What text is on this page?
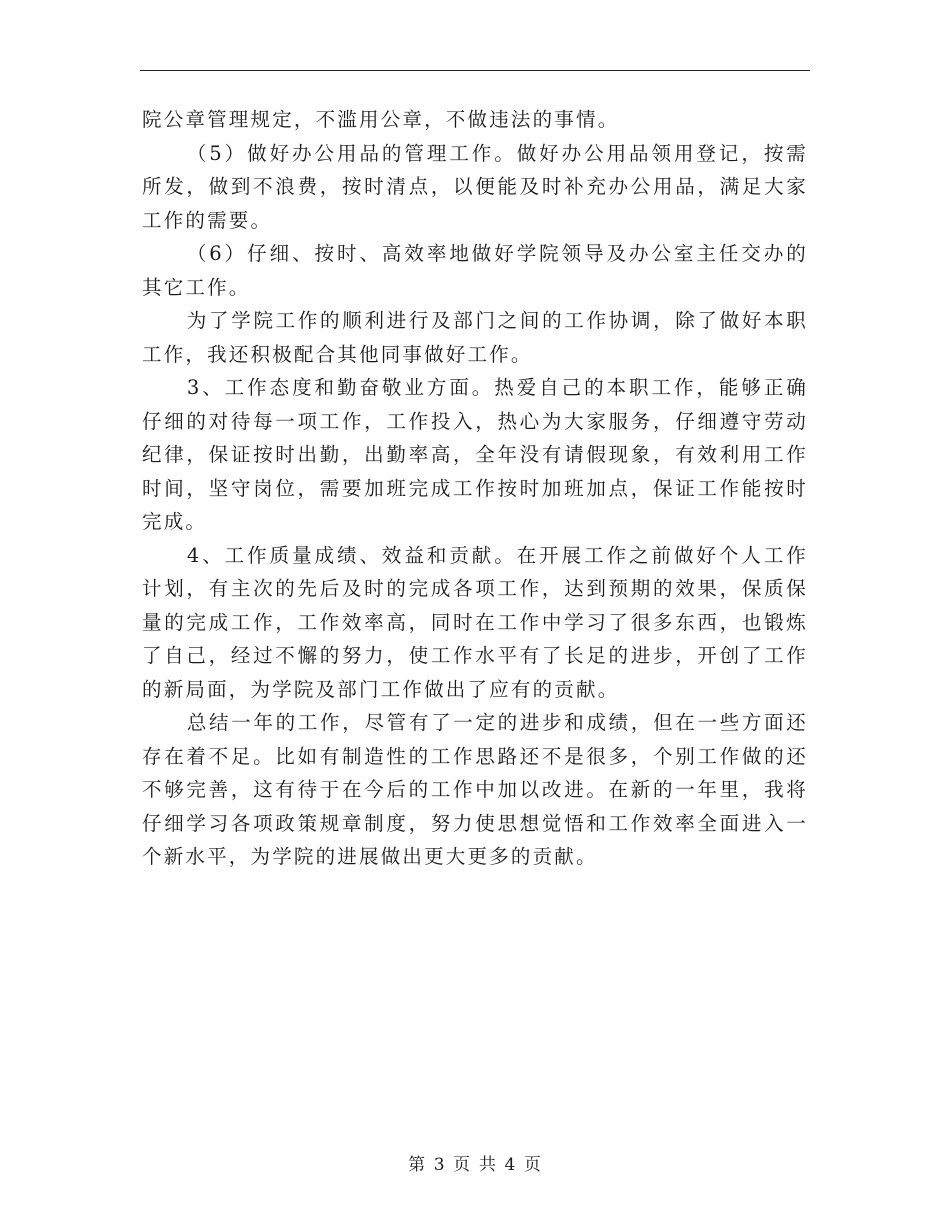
院公章管理规定，不滥用公章，不做违法的事情。

（5）做好办公用品的管理工作。做好办公用品领用登记，按需所发，做到不浪费，按时清点，以便能及时补充办公用品，满足大家工作的需要。

（6）仔细、按时、高效率地做好学院领导及办公室主任交办的其它工作。

为了学院工作的顺利进行及部门之间的工作协调，除了做好本职工作，我还积极配合其他同事做好工作。

3、工作态度和勤奋敬业方面。热爱自己的本职工作，能够正确仔细的对待每一项工作，工作投入，热心为大家服务，仔细遵守劳动纪律，保证按时出勤，出勤率高，全年没有请假现象，有效利用工作时间，坚守岗位，需要加班完成工作按时加班加点，保证工作能按时完成。

4、工作质量成绩、效益和贡献。在开展工作之前做好个人工作计划，有主次的先后及时的完成各项工作，达到预期的效果，保质保量的完成工作，工作效率高，同时在工作中学习了很多东西，也锻炼了自己，经过不懈的努力，使工作水平有了长足的进步，开创了工作的新局面，为学院及部门工作做出了应有的贡献。

总结一年的工作，尽管有了一定的进步和成绩，但在一些方面还存在着不足。比如有制造性的工作思路还不是很多，个别工作做的还不够完善，这有待于在今后的工作中加以改进。在新的一年里，我将仔细学习各项政策规章制度，努力使思想觉悟和工作效率全面进入一个新水平，为学院的进展做出更大更多的贡献。

第 3 页 共 4 页
